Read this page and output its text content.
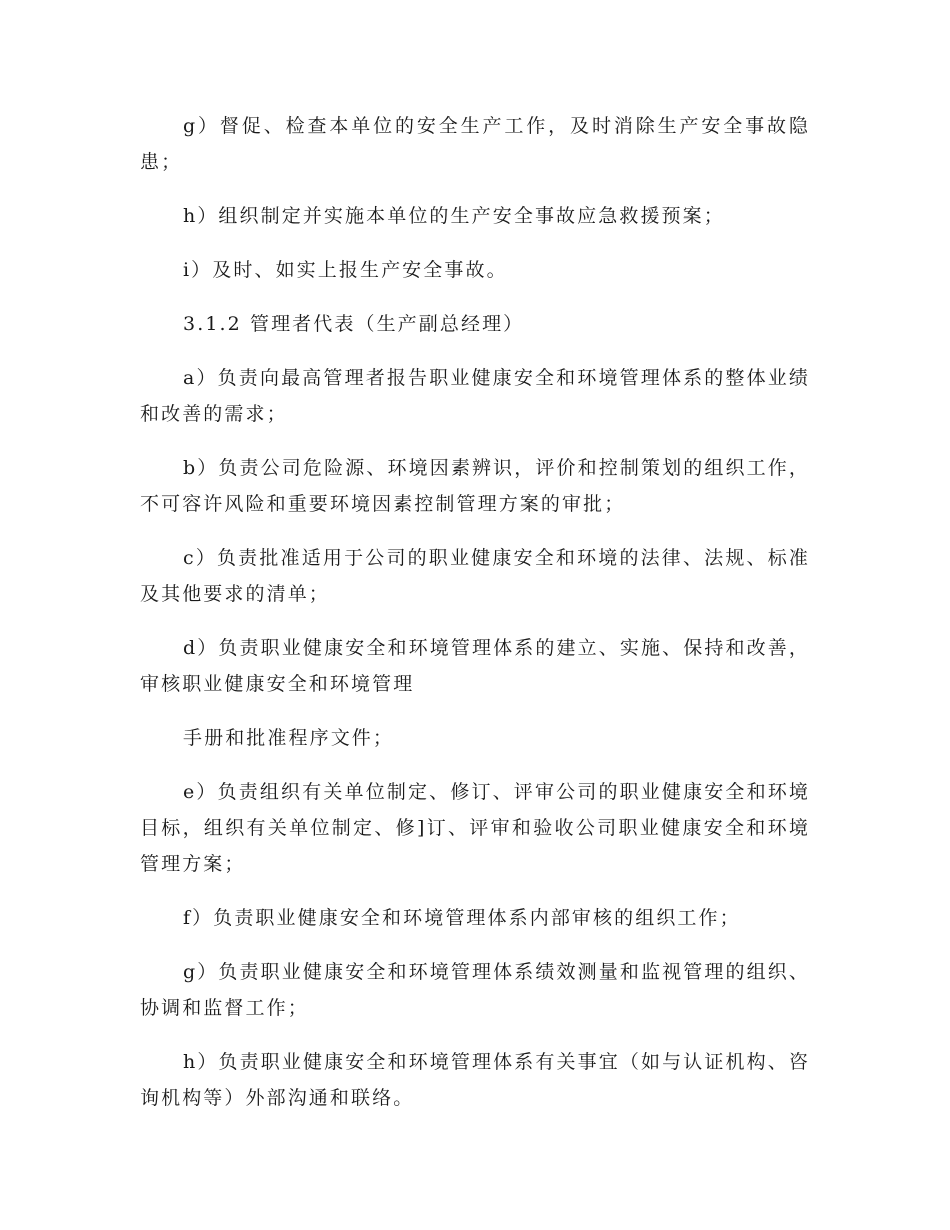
g）督促、检查本单位的安全生产工作，及时消除生产安全事故隐患；

h）组织制定并实施本单位的生产安全事故应急救援预案；

i）及时、如实上报生产安全事故。

3.1.2 管理者代表（生产副总经理）

a）负责向最高管理者报告职业健康安全和环境管理体系的整体业绩和改善的需求；

b）负责公司危险源、环境因素辨识，评价和控制策划的组织工作，不可容许风险和重要环境因素控制管理方案的审批；

c）负责批准适用于公司的职业健康安全和环境的法律、法规、标准及其他要求的清单；

d）负责职业健康安全和环境管理体系的建立、实施、保持和改善，审核职业健康安全和环境管理

手册和批准程序文件；

e）负责组织有关单位制定、修订、评审公司的职业健康安全和环境目标，组织有关单位制定、修]订、评审和验收公司职业健康安全和环境管理方案；

f）负责职业健康安全和环境管理体系内部审核的组织工作；

g）负责职业健康安全和环境管理体系绩效测量和监视管理的组织、协调和监督工作；

h）负责职业健康安全和环境管理体系有关事宜（如与认证机构、咨询机构等）外部沟通和联络。
